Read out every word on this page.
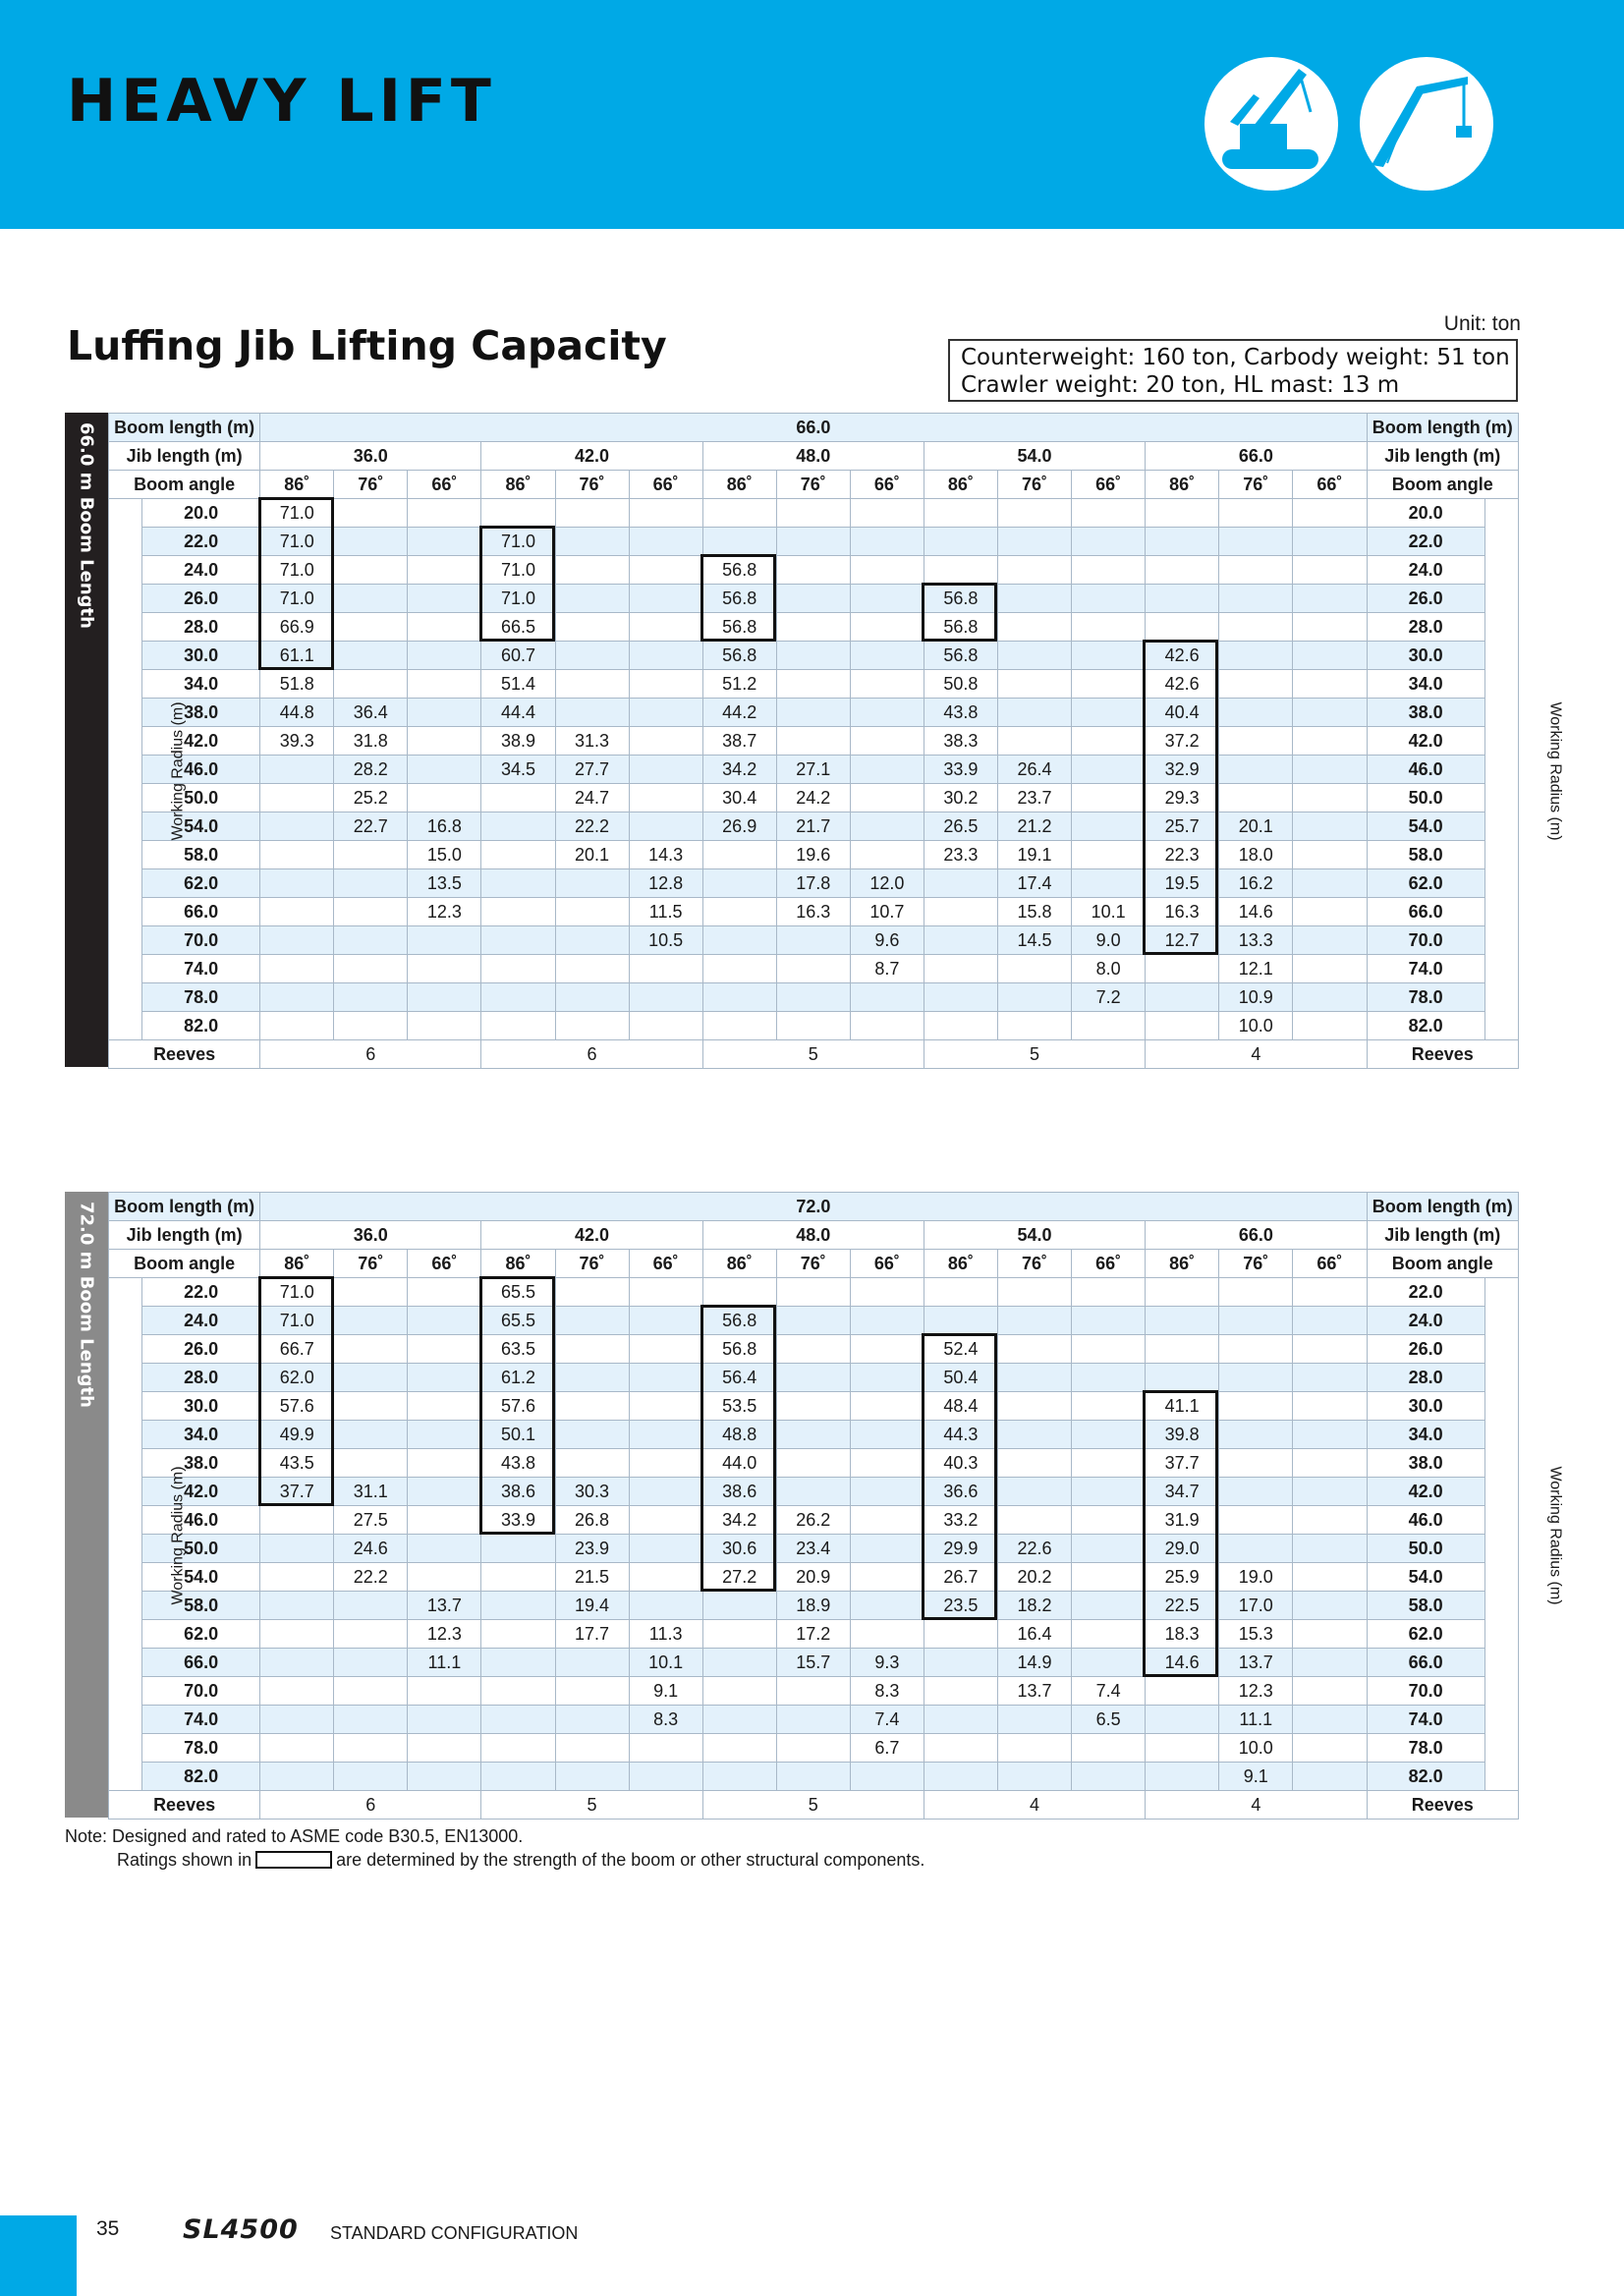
HEAVY LIFT
Luffing Jib Lifting Capacity	Unit: ton
Counterweight: 160 ton, Carbody weight: 51 ton
Crawler weight: 20 ton, HL mast: 13 m
66.0 m Boom Length Boom length (m)		66.0															Boom length (m)	
Jib length (m)		36.0			42.0			48.0			54.0			66.0			Jib length (m)	
Boom angle		86˚	76˚	66˚	86˚	76˚	66˚	86˚	76˚	66˚	86˚	76˚	66˚	86˚	76˚	66˚	Boom angle	
Working Radius (m)	20.0	71.0															20.0	Working Radius (m)
	22.0	71.0			71.0												22.0	
	24.0	71.0			71.0			56.8									24.0	
	26.0	71.0			71.0			56.8			56.8						26.0	
	28.0	66.9			66.5			56.8			56.8						28.0	
	30.0	61.1			60.7			56.8			56.8			42.6			30.0	
	34.0	51.8			51.4			51.2			50.8			42.6			34.0	
	38.0	44.8	36.4		44.4			44.2			43.8			40.4			38.0	
	42.0	39.3	31.8		38.9	31.3		38.7			38.3			37.2			42.0	
	46.0		28.2		34.5	27.7		34.2	27.1		33.9	26.4		32.9			46.0	
	50.0		25.2			24.7		30.4	24.2		30.2	23.7		29.3			50.0	
	54.0		22.7	16.8		22.2		26.9	21.7		26.5	21.2		25.7	20.1		54.0	
	58.0			15.0		20.1	14.3		19.6		23.3	19.1		22.3	18.0		58.0	
	62.0			13.5			12.8		17.8	12.0		17.4		19.5	16.2		62.0	
	66.0			12.3			11.5		16.3	10.7		15.8	10.1	16.3	14.6		66.0	
	70.0						10.5			9.6		14.5	9.0	12.7	13.3		70.0	
	74.0									8.7			8.0		12.1		74.0	
	78.0												7.2		10.9		78.0	
	82.0														10.0		82.0	
Reeves		6			6			5			5			4			Reeves	
72.0 m Boom Length Boom length (m)		72.0															Boom length (m)	
Jib length (m)		36.0			42.0			48.0			54.0			66.0			Jib length (m)	
Boom angle		86˚	76˚	66˚	86˚	76˚	66˚	86˚	76˚	66˚	86˚	76˚	66˚	86˚	76˚	66˚	Boom angle	
Working Radius (m)	22.0	71.0			65.5												22.0	Working Radius (m)
	24.0	71.0			65.5			56.8									24.0	
	26.0	66.7			63.5			56.8			52.4						26.0	
	28.0	62.0			61.2			56.4			50.4						28.0	
	30.0	57.6			57.6			53.5			48.4			41.1			30.0	
	34.0	49.9			50.1			48.8			44.3			39.8			34.0	
	38.0	43.5			43.8			44.0			40.3			37.7			38.0	
	42.0	37.7	31.1		38.6	30.3		38.6			36.6			34.7			42.0	
	46.0		27.5		33.9	26.8		34.2	26.2		33.2			31.9			46.0	
	50.0		24.6			23.9		30.6	23.4		29.9	22.6		29.0			50.0	
	54.0		22.2			21.5		27.2	20.9		26.7	20.2		25.9	19.0		54.0	
	58.0			13.7		19.4			18.9		23.5	18.2		22.5	17.0		58.0	
	62.0			12.3		17.7	11.3		17.2			16.4		18.3	15.3		62.0	
	66.0			11.1			10.1		15.7	9.3		14.9		14.6	13.7		66.0	
	70.0						9.1			8.3		13.7	7.4		12.3		70.0	
	74.0						8.3			7.4			6.5		11.1		74.0	
	78.0									6.7					10.0		78.0	
	82.0														9.1		82.0	
Reeves		6			5			5			4			4			Reeves	
Note: Designed and rated to ASME code B30.5, EN13000.
Ratings shown in	are determined by the strength of the boom or other structural components.
35 SL4500 STANDARD CONFIGURATION
